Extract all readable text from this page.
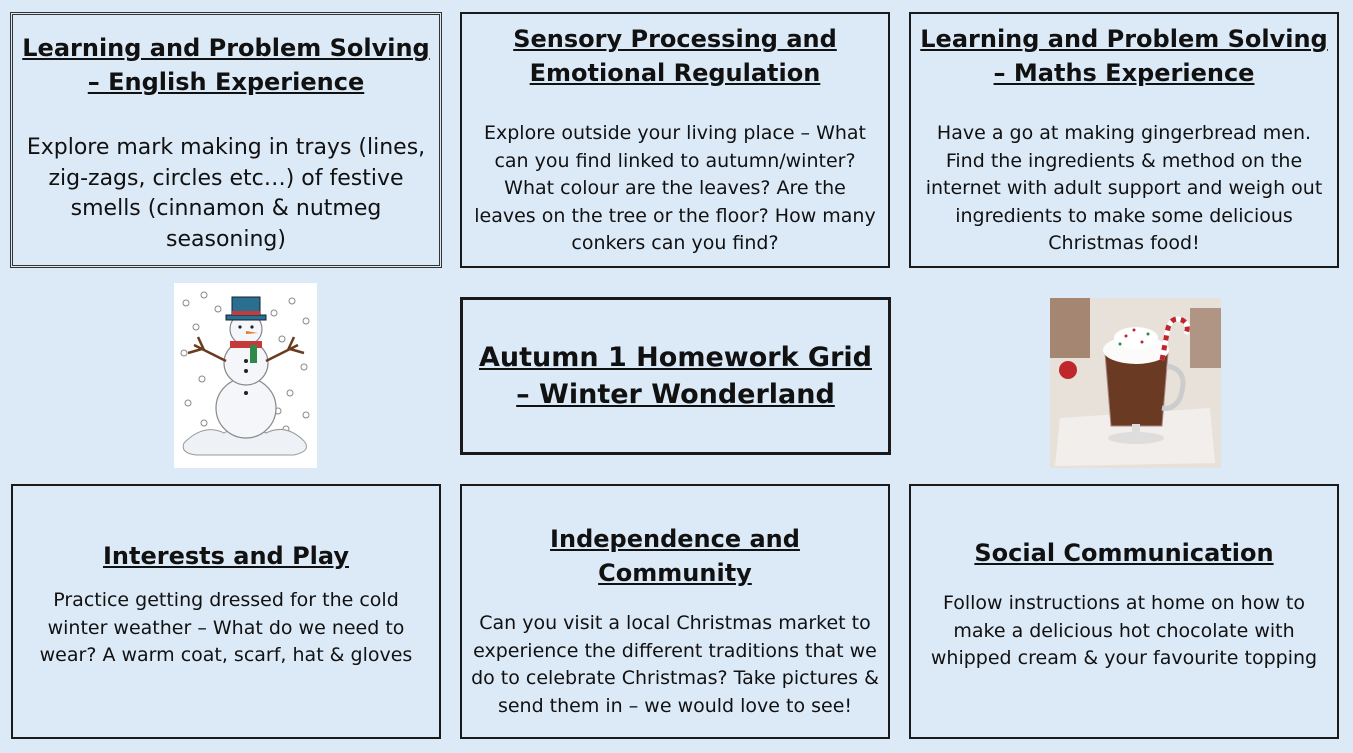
Learning and Problem Solving – English Experience

Explore mark making in trays (lines, zig-zags, circles etc…) of festive smells (cinnamon & nutmeg seasoning)

Sensory Processing and Emotional Regulation

Explore outside your living place – What can you find linked to autumn/winter? What colour are the leaves? Are the leaves on the tree or the floor? How many conkers can you find?

Learning and Problem Solving – Maths Experience

Have a go at making gingerbread men. Find the ingredients & method on the internet with adult support and weigh out ingredients to make some delicious Christmas food!

Autumn 1 Homework Grid – Winter Wonderland

Interests and Play

Practice getting dressed for the cold winter weather – What do we need to wear? A warm coat, scarf, hat & gloves

Independence and Community

Can you visit a local Christmas market to experience the different traditions that we do to celebrate Christmas? Take pictures & send them in – we would love to see!

Social Communication

Follow instructions at home on how to make a delicious hot chocolate with whipped cream & your favourite topping
